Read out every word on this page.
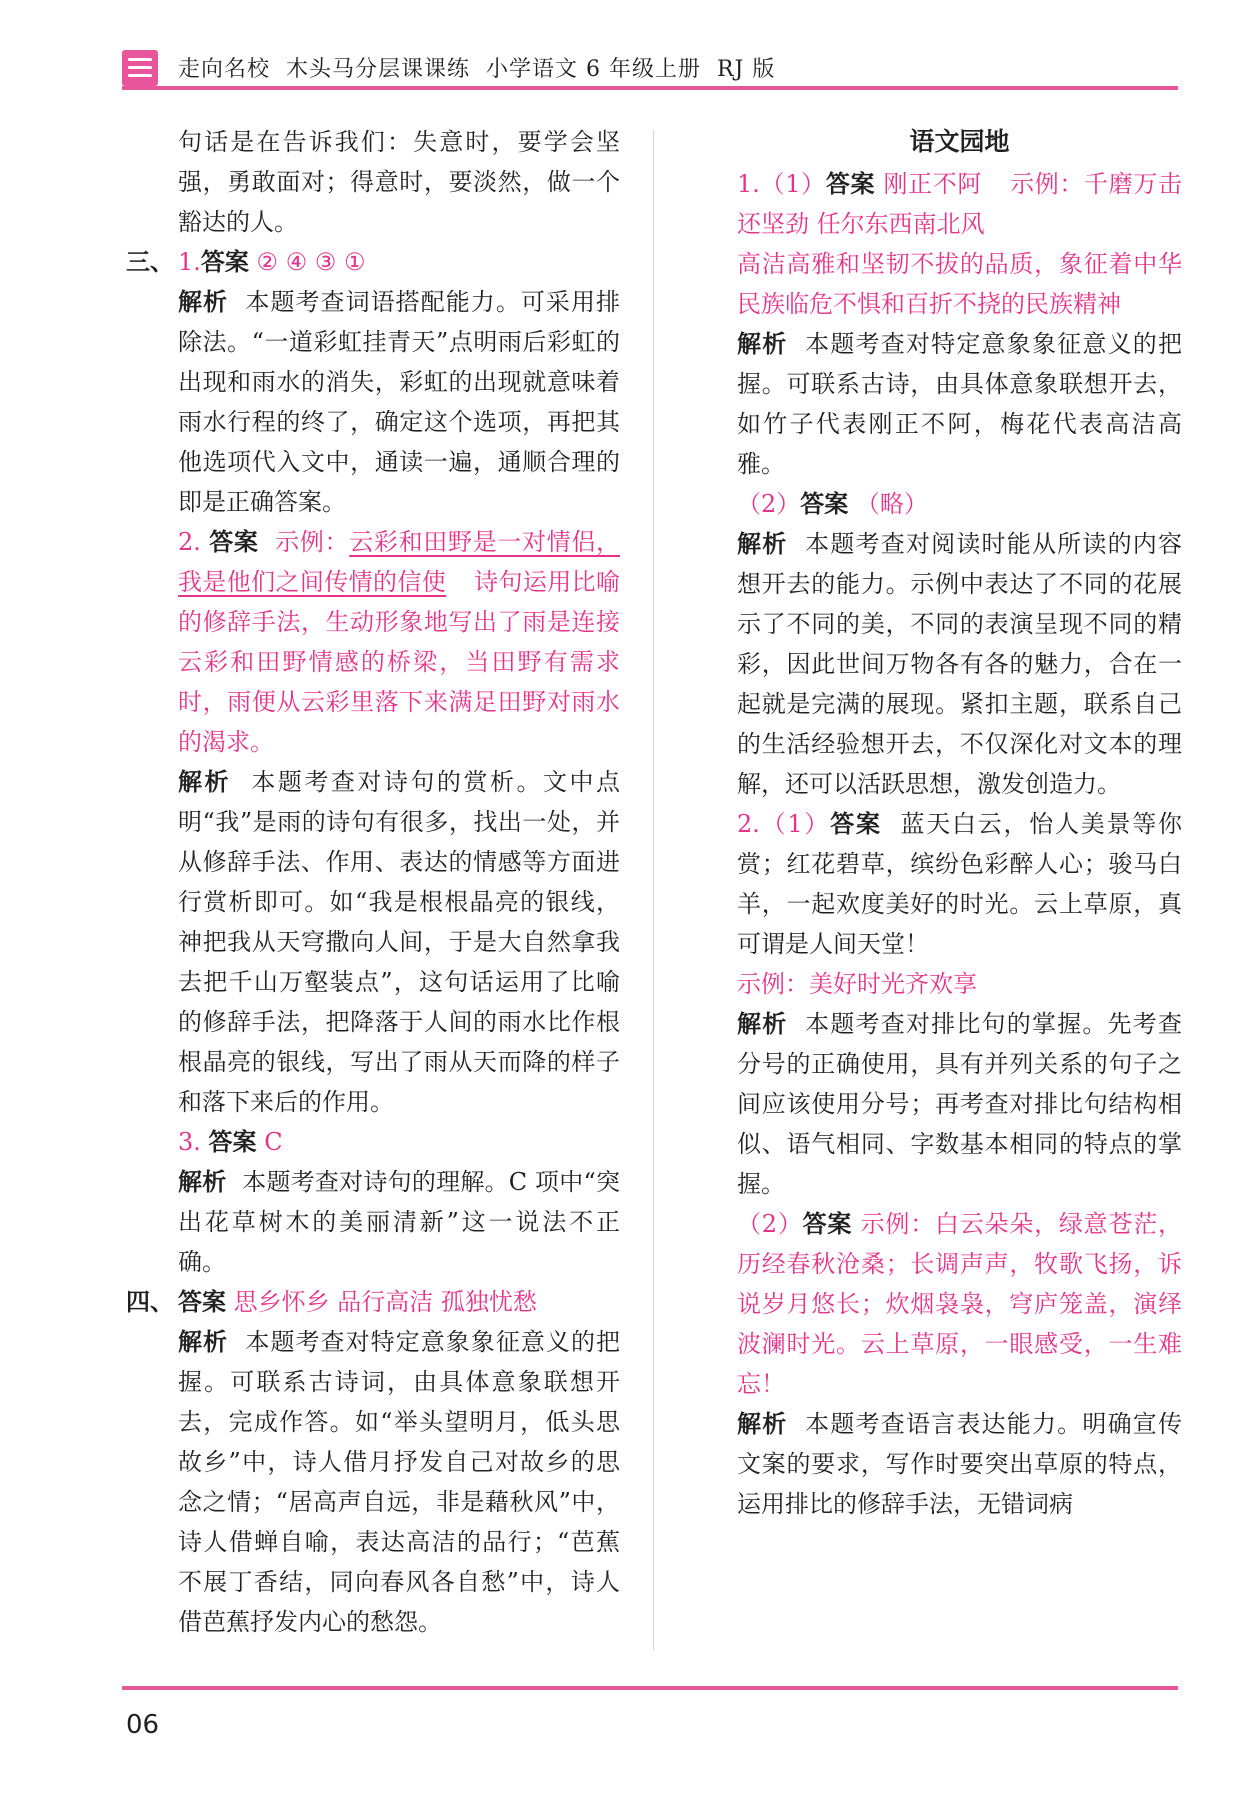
走向名校  木头马分层课课练  小学语文 6 年级上册  RJ 版

句话是在告诉我们：失意时，要学会坚强，勇敢面对；得意时，要淡然，做一个豁达的人。

三、 1.答案 ② ④ ③ ①

解析 本题考查词语搭配能力。可采用排除法。“一道彩虹挂青天”点明雨后彩虹的出现和雨水的消失，彩虹的出现就意味着雨水行程的终了，确定这个选项，再把其他选项代入文中，通读一遍，通顺合理的即是正确答案。

2. 答案 示例：云彩和田野是一对情侣，我是他们之间传情的信使 诗句运用比喻的修辞手法，生动形象地写出了雨是连接云彩和田野情感的桥梁，当田野有需求时，雨便从云彩里落下来满足田野对雨水的渴求。

解析 本题考查对诗句的赏析。文中点明“我”是雨的诗句有很多，找出一处，并从修辞手法、作用、表达的情感等方面进行赏析即可。如“我是根根晶亮的银线，神把我从天穹撒向人间，于是大自然拿我去把千山万壑装点”，这句话运用了比喻的修辞手法，把降落于人间的雨水比作根根晶亮的银线，写出了雨从天而降的样子和落下来后的作用。

3. 答案 C

解析 本题考查对诗句的理解。C 项中“突出花草树木的美丽清新”这一说法不正确。

四、 答案 思乡怀乡 品行高洁 孤独忧愁

解析 本题考查对特定意象象征意义的把握。可联系古诗词，由具体意象联想开去，完成作答。如“举头望明月，低头思故乡”中，诗人借月抒发自己对故乡的思念之情；“居高声自远，非是藉秋风”中，诗人借蝉自喻，表达高洁的品行；“芭蕉不展丁香结，同向春风各自愁”中，诗人借芭蕉抒发内心的愁怨。

语文园地

1.（1）答案 刚正不阿 示例：千磨万击还坚劲 任尔东西南北风

高洁高雅和坚韧不拔的品质，象征着中华民族临危不惧和百折不挠的民族精神

解析 本题考查对特定意象象征意义的把握。可联系古诗，由具体意象联想开去，如竹子代表刚正不阿，梅花代表高洁高雅。

（2）答案 （略）

解析 本题考查对阅读时能从所读的内容想开去的能力。示例中表达了不同的花展示了不同的美，不同的表演呈现不同的精彩，因此世间万物各有各的魅力，合在一起就是完满的展现。紧扣主题，联系自己的生活经验想开去，不仅深化对文本的理解，还可以活跃思想，激发创造力。

2.（1）答案 蓝天白云，怡人美景等你赏；红花碧草，缤纷色彩醉人心；骏马白羊，一起欢度美好的时光。云上草原，真可谓是人间天堂！

示例：美好时光齐欢享

解析 本题考查对排比句的掌握。先考查分号的正确使用，具有并列关系的句子之间应该使用分号；再考查对排比句结构相似、语气相同、字数基本相同的特点的掌握。

（2）答案 示例：白云朵朵，绿意苍茫，历经春秋沧桑；长调声声，牧歌飞扬，诉说岁月悠长；炊烟袅袅，穹庐笼盖，演绎波澜时光。云上草原，一眼感受，一生难忘！

解析 本题考查语言表达能力。明确宣传文案的要求，写作时要突出草原的特点，运用排比的修辞手法，无错词病

06
